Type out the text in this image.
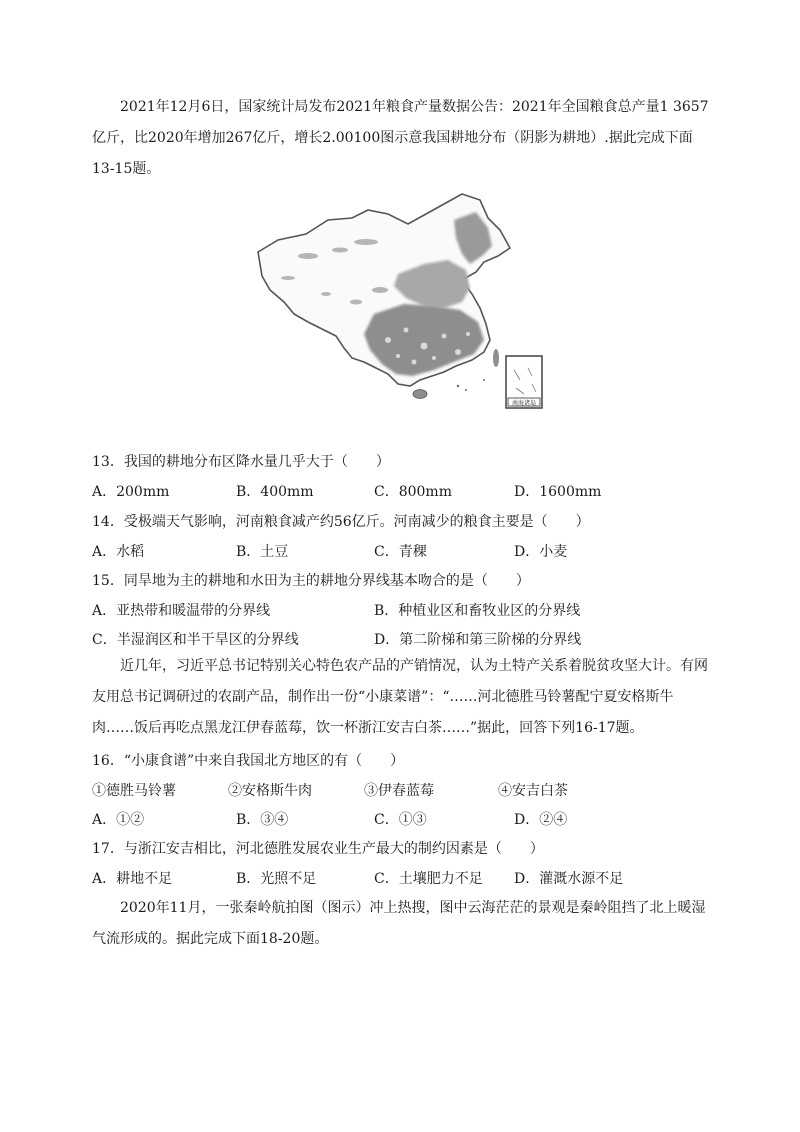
2021年12月6日，国家统计局发布2021年粮食产量数据公告：2021年全国粮食总产量1 3657亿斤，比2020年增加267亿斤，增长2.00100图示意我国耕地分布（阴影为耕地）.据此完成下面13-15题。

南海诸岛
13．我国的耕地分布区降水量几乎大于（　　）
A．200mm	B．400mm	C．800mm	D．1600mm
14．受极端天气影响，河南粮食减产约56亿斤。河南减少的粮食主要是（　　）
A．水稻	B．土豆	C．青稞	D．小麦
15．同旱地为主的耕地和水田为主的耕地分界线基本吻合的是（　　）
A．亚热带和暖温带的分界线	B．种植业区和畜牧业区的分界线
C．半湿润区和半干旱区的分界线	D．第二阶梯和第三阶梯的分界线

近几年，习近平总书记特别关心特色农产品的产销情况，认为土特产关系着脱贫攻坚大计。有网友用总书记调研过的农副产品，制作出一份“小康菜谱”：“……河北德胜马铃薯配宁夏安格斯牛肉……饭后再吃点黑龙江伊春蓝莓，饮一杯浙江安吉白茶……”据此，回答下列16-17题。

16．“小康食谱”中来自我国北方地区的有（　　）
①德胜马铃薯	②安格斯牛肉	③伊春蓝莓	④安吉白茶
A．①②	B．③④	C．①③	D．②④
17．与浙江安吉相比，河北德胜发展农业生产最大的制约因素是（　　）
A．耕地不足	B．光照不足	C．土壤肥力不足 D．灌溉水源不足

2020年11月，一张秦岭航拍图（图示）冲上热搜，图中云海茫茫的景观是秦岭阻挡了北上暖湿气流形成的。据此完成下面18-20题。
